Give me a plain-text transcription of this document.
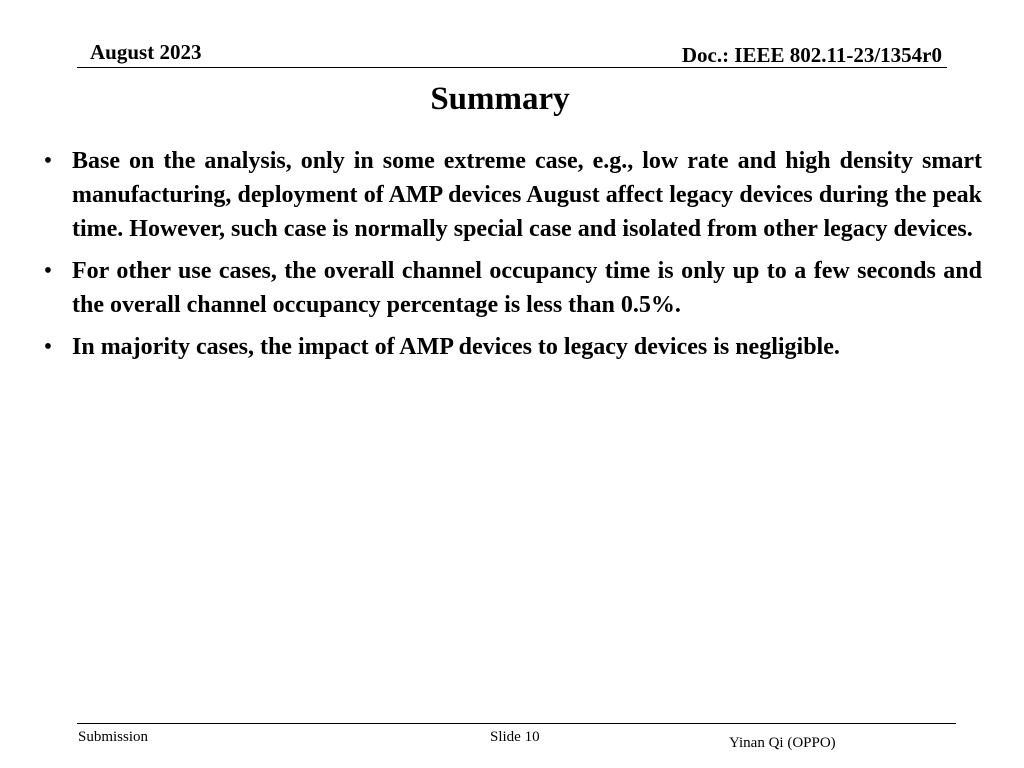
August 2023	Doc.: IEEE 802.11-23/1354r0
Summary
• Base on the analysis, only in some extreme case, e.g., low rate and high density smart manufacturing, deployment of AMP devices August affect legacy devices during the peak time. However, such case is normally special case and isolated from other legacy devices.
• For other use cases, the overall channel occupancy time is only up to a few seconds and the overall channel occupancy percentage is less than 0.5%.
• In majority cases, the impact of AMP devices to legacy devices is negligible.
Submission	Slide 10	Yinan Qi (OPPO)
